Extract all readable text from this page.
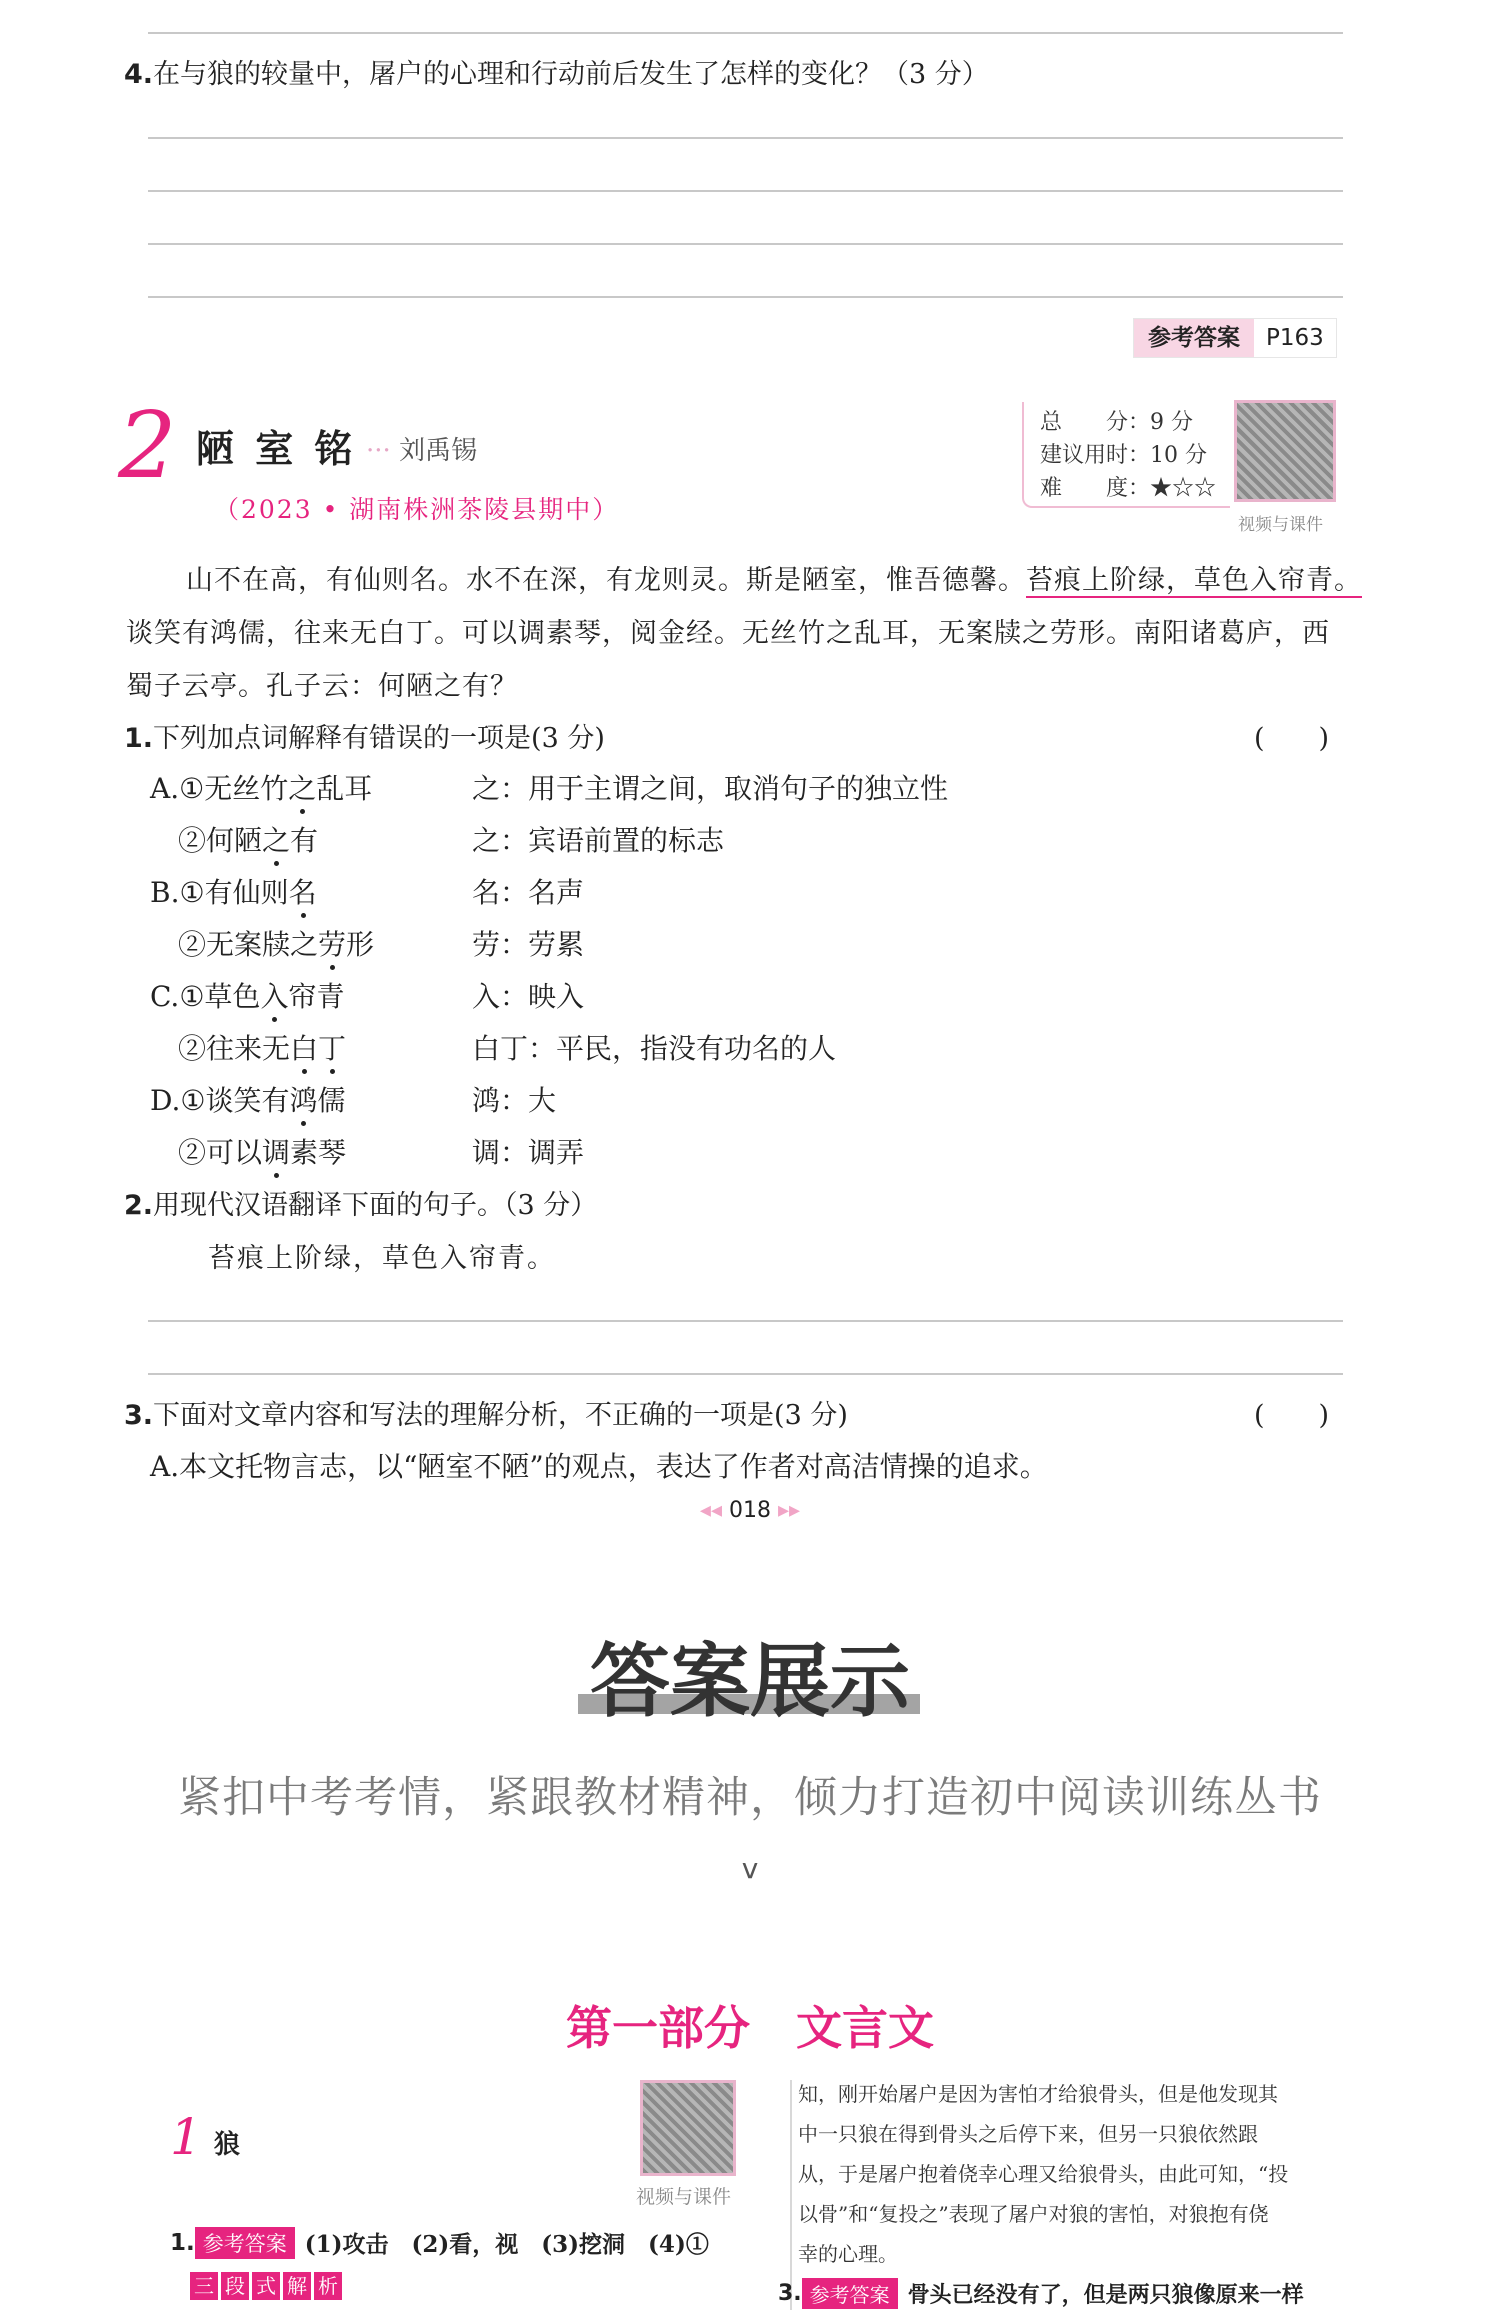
4.在与狼的较量中，屠户的心理和行动前后发生了怎样的变化？（3 分）
参考答案	P163
2 陋 室 铭 ··· 刘禹锡
（2023 • 湖南株洲茶陵县期中）
总　　分：9 分
建议用时：10 分
难　　度：★☆☆
视频与课件
山不在高，有仙则名。水不在深，有龙则灵。斯是陋室，惟吾德馨。苔痕上阶绿，草色入帘青。
谈笑有鸿儒，往来无白丁。可以调素琴，阅金经。无丝竹之乱耳，无案牍之劳形。南阳诸葛庐，西
蜀子云亭。孔子云：何陋之有？
1.下列加点词解释有错误的一项是(3 分)	(　　)
A.①无丝竹之乱耳	之：用于主谓之间，取消句子的独立性
②何陋之有	之：宾语前置的标志
B.①有仙则名	名：名声
②无案牍之劳形	劳：劳累
C.①草色入帘青	入：映入
②往来无白丁	白丁：平民，指没有功名的人
D.①谈笑有鸿儒	鸿：大
②可以调素琴	调：调弄
2.用现代汉语翻译下面的句子。（3 分）
苔痕上阶绿，草色入帘青。
3.下面对文章内容和写法的理解分析，不正确的一项是(3 分)	(　　)
A.本文托物言志，以“陋室不陋”的观点，表达了作者对高洁情操的追求。
◂◂ 018 ▸▸
答案展示
紧扣中考考情，紧跟教材精神，倾力打造初中阅读训练丛书
v
第一部分　文言文
1 狼
视频与课件
1. 参考答案 (1)攻击　(2)看，视　(3)挖洞　(4)①
三 段 式 解 析
知，刚开始屠户是因为害怕才给狼骨头，但是他发现其
中一只狼在得到骨头之后停下来，但另一只狼依然跟
从，于是屠户抱着侥幸心理又给狼骨头，由此可知，“投
以骨”和“复投之”表现了屠户对狼的害怕，对狼抱有侥
幸的心理。
3. 参考答案 骨头已经没有了，但是两只狼像原来一样
